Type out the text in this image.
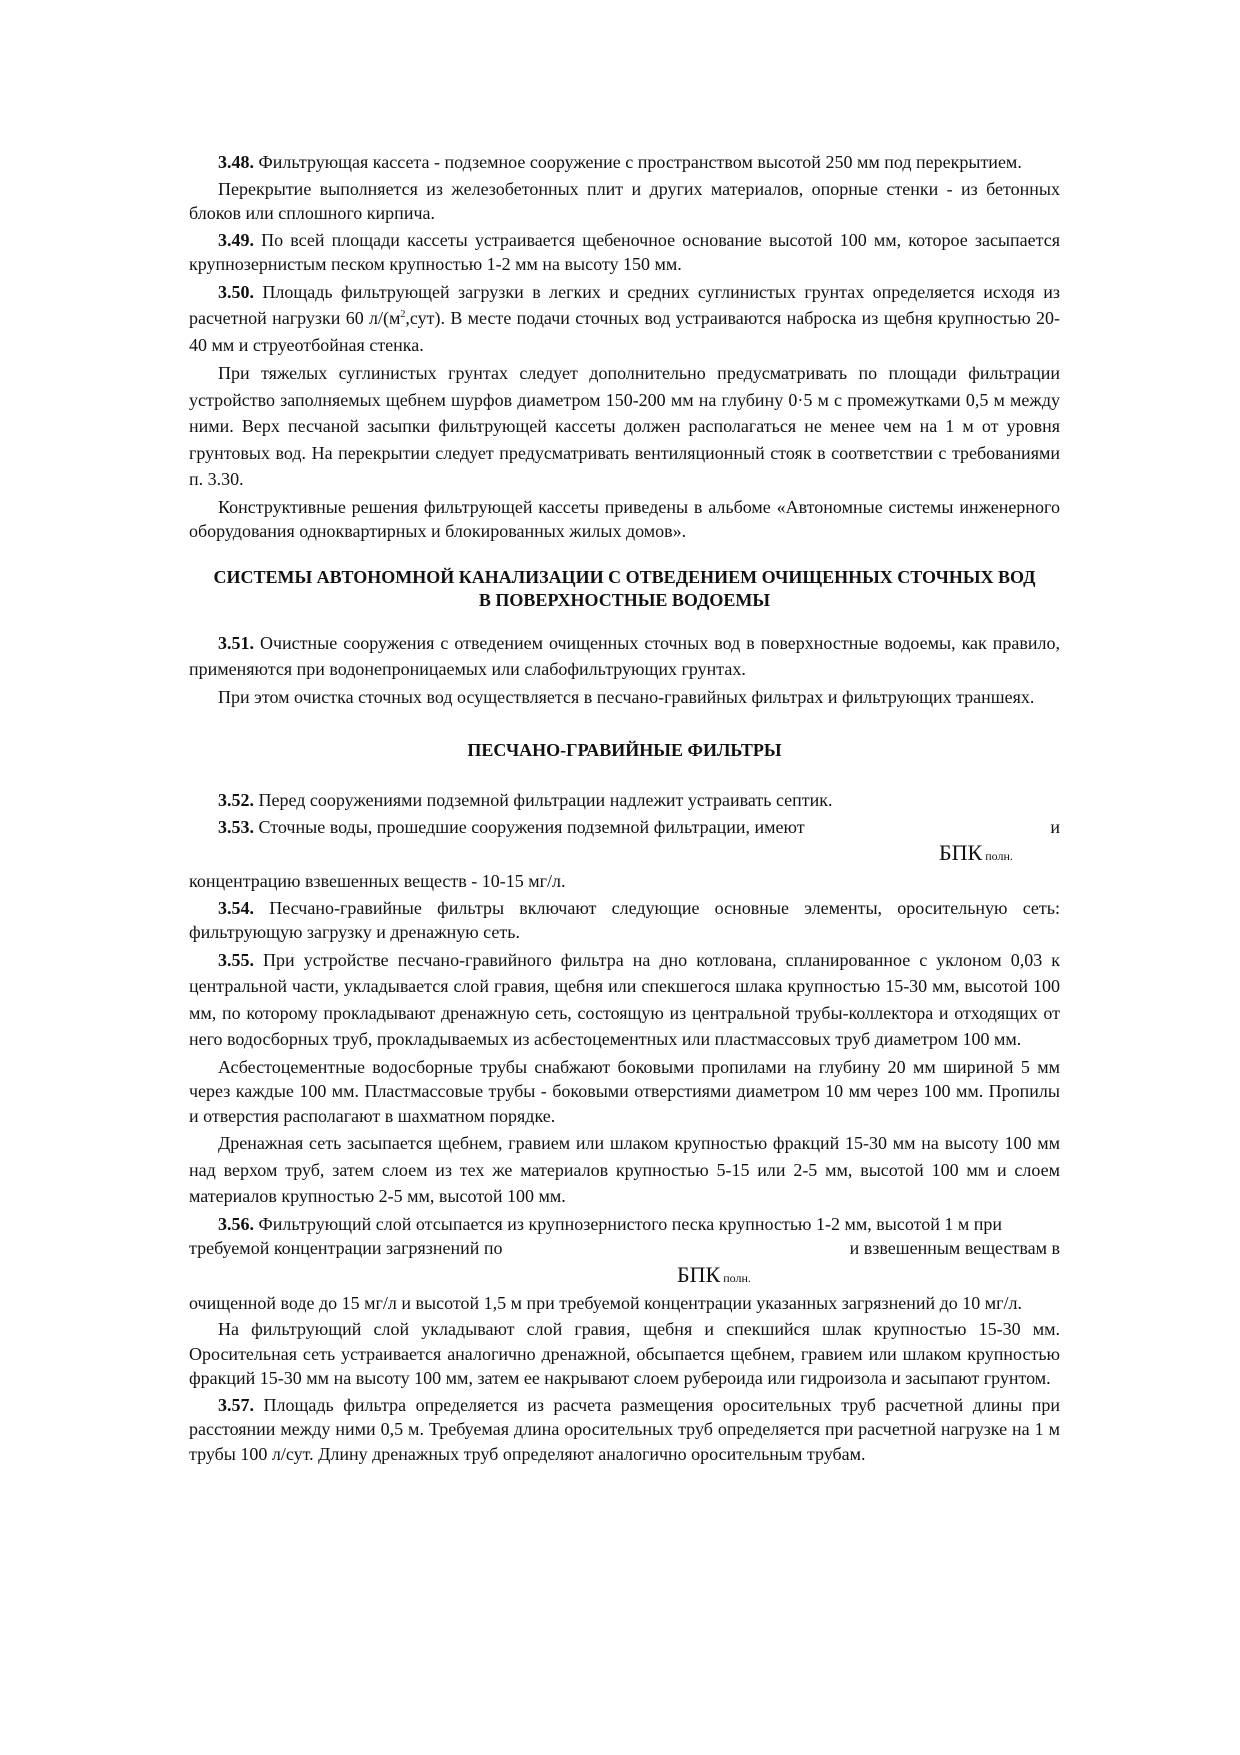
3.48. Фильтрующая кассета - подземное сооружение с пространством высотой 250 мм под перекрытием.

Перекрытие выполняется из железобетонных плит и других материалов, опорные стенки - из бетонных блоков или сплошного кирпича.

3.49. По всей площади кассеты устраивается щебеночное основание высотой 100 мм, которое засыпается крупнозернистым песком крупностью 1-2 мм на высоту 150 мм.

3.50. Площадь фильтрующей загрузки в легких и средних суглинистых грунтах определяется исходя из расчетной нагрузки 60 $л/(м^2,сут)$. В месте подачи сточных вод устраиваются наброска из щебня крупностью 20-40 мм и струеотбойная стенка.

При тяжелых суглинистых грунтах следует дополнительно предусматривать по площади фильтрации устройство заполняемых щебнем шурфов диаметром 150-200 мм на глубину 0·5 м с промежутками 0,5 м между ними. Верх песчаной засыпки фильтрующей кассеты должен располагаться не менее чем на 1 м от уровня грунтовых вод. На перекрытии следует предусматривать вентиляционный стояк в соответствии с требованиями п. 3.30.

Конструктивные решения фильтрующей кассеты приведены в альбоме «Автономные системы инженерного оборудования одноквартирных и блокированных жилых домов».

СИСТЕМЫ АВТОНОМНОЙ КАНАЛИЗАЦИИ С ОТВЕДЕНИЕМ ОЧИЩЕННЫХ СТОЧНЫХ ВОД В ПОВЕРХНОСТНЫЕ ВОДОЕМЫ

3.51. Очистные сооружения с отведением очищенных сточных вод в поверхностные водоемы, как правило, применяются при водонепроницаемых или слабофильтрующих грунтах.

При этом очистка сточных вод осуществляется в песчано-гравийных фильтрах и фильтрующих траншеях.

ПЕСЧАНО-ГРАВИЙНЫЕ ФИЛЬТРЫ

3.52. Перед сооружениями подземной фильтрации надлежит устраивать септик.

3.53. Сточные воды, прошедшие сооружения подземной фильтрации, имеют	и

БПК полн.

концентрацию взвешенных веществ - 10-15 мг/л.

3.54. Песчано-гравийные фильтры включают следующие основные элементы, оросительную сеть: фильтрующую загрузку и дренажную сеть.

3.55. При устройстве песчано-гравийного фильтра на дно котлована, спланированное с уклоном 0,03 к центральной части, укладывается слой гравия, щебня или спекшегося шлака крупностью 15-30 мм, высотой 100 мм, по которому прокладывают дренажную сеть, состоящую из центральной трубы-коллектора и отходящих от него водосборных труб, прокладываемых из асбестоцементных или пластмассовых труб диаметром 100 мм.

Асбестоцементные водосборные трубы снабжают боковыми пропилами на глубину 20 мм шириной 5 мм через каждые 100 мм. Пластмассовые трубы - боковыми отверстиями диаметром 10 мм через 100 мм. Пропилы и отверстия располагают в шахматном порядке.

Дренажная сеть засыпается щебнем, гравием или шлаком крупностью фракций 15-30 мм на высоту 100 мм над верхом труб, затем слоем из тех же материалов крупностью 5-15 или 2-5 мм, высотой 100 мм и слоем материалов крупностью 2-5 мм, высотой 100 мм.

3.56. Фильтрующий слой отсыпается из крупнозернистого песка крупностью 1-2 мм, высотой 1 м при требуемой концентрации загрязнений по	и взвешенным веществам в

БПК полн.

очищенной воде до 15 мг/л и высотой 1,5 м при требуемой концентрации указанных загрязнений до 10 мг/л.

На фильтрующий слой укладывают слой гравия‚ щебня и спекшийся шлак крупностью 15-30 мм. Оросительная сеть устраивается аналогично дренажной, обсыпается щебнем, гравием или шлаком крупностью фракций 15-30 мм на высоту 100 мм, затем ее накрывают слоем рубероида или гидроизола и засыпают грунтом.

3.57. Площадь фильтра определяется из расчета размещения оросительных труб расчетной длины при расстоянии между ними 0,5 м. Требуемая длина оросительных труб определяется при расчетной нагрузке на 1 м трубы 100 л/сут. Длину дренажных труб определяют аналогично оросительным трубам.
